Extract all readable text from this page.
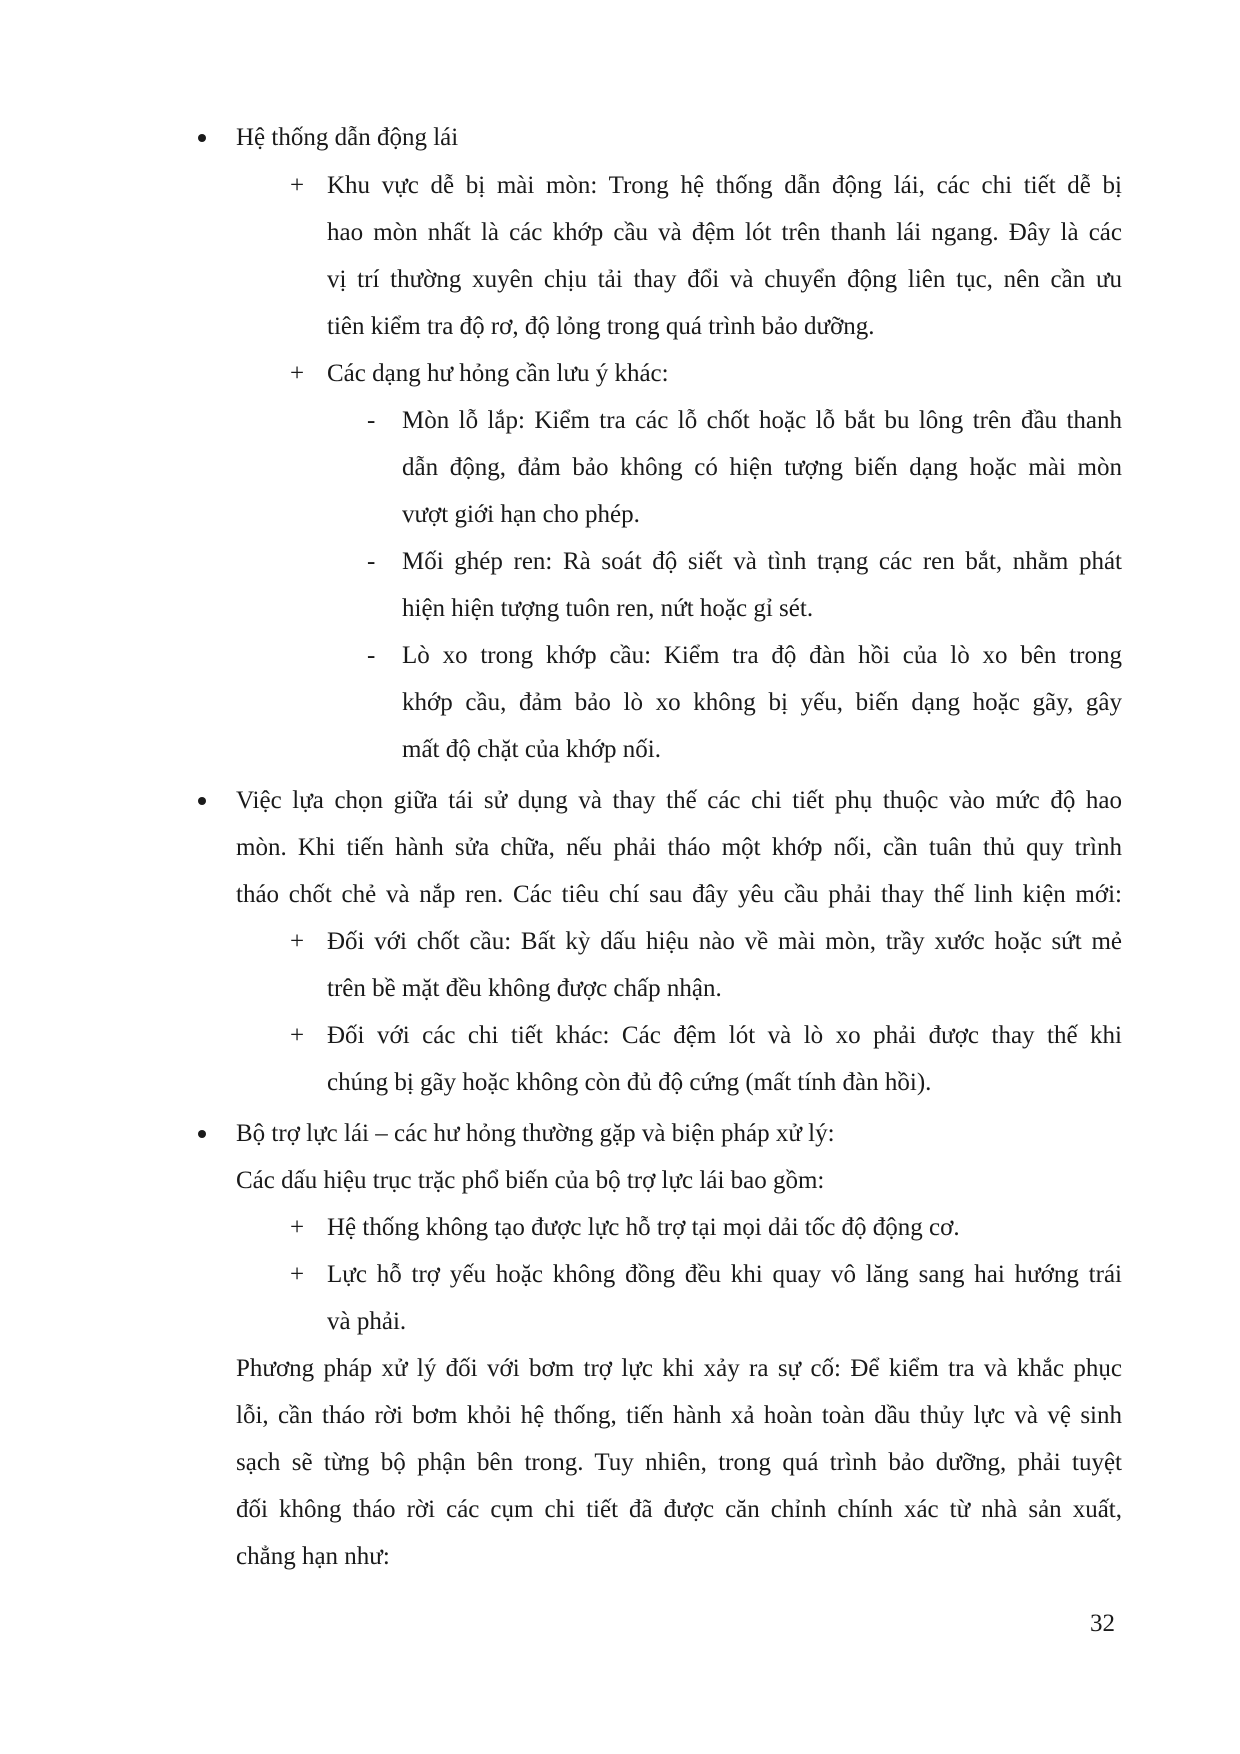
Hệ thống dẫn động lái
+ Khu vực dễ bị mài mòn: Trong hệ thống dẫn động lái, các chi tiết dễ bị
hao mòn nhất là các khớp cầu và đệm lót trên thanh lái ngang. Đây là các
vị trí thường xuyên chịu tải thay đổi và chuyển động liên tục, nên cần ưu
tiên kiểm tra độ rơ, độ lỏng trong quá trình bảo dưỡng.
+ Các dạng hư hỏng cần lưu ý khác:
- Mòn lỗ lắp: Kiểm tra các lỗ chốt hoặc lỗ bắt bu lông trên đầu thanh
dẫn động, đảm bảo không có hiện tượng biến dạng hoặc mài mòn
vượt giới hạn cho phép.
- Mối ghép ren: Rà soát độ siết và tình trạng các ren bắt, nhằm phát
hiện hiện tượng tuôn ren, nứt hoặc gỉ sét.
- Lò xo trong khớp cầu: Kiểm tra độ đàn hồi của lò xo bên trong
khớp cầu, đảm bảo lò xo không bị yếu, biến dạng hoặc gãy, gây
mất độ chặt của khớp nối.
Việc lựa chọn giữa tái sử dụng và thay thế các chi tiết phụ thuộc vào mức độ hao
mòn. Khi tiến hành sửa chữa, nếu phải tháo một khớp nối, cần tuân thủ quy trình
tháo chốt chẻ và nắp ren. Các tiêu chí sau đây yêu cầu phải thay thế linh kiện mới:
+ Đối với chốt cầu: Bất kỳ dấu hiệu nào về mài mòn, trầy xước hoặc sứt mẻ
trên bề mặt đều không được chấp nhận.
+ Đối với các chi tiết khác: Các đệm lót và lò xo phải được thay thế khi
chúng bị gãy hoặc không còn đủ độ cứng (mất tính đàn hồi).
Bộ trợ lực lái – các hư hỏng thường gặp và biện pháp xử lý:
Các dấu hiệu trục trặc phổ biến của bộ trợ lực lái bao gồm:
+ Hệ thống không tạo được lực hỗ trợ tại mọi dải tốc độ động cơ.
+ Lực hỗ trợ yếu hoặc không đồng đều khi quay vô lăng sang hai hướng trái
và phải.
Phương pháp xử lý đối với bơm trợ lực khi xảy ra sự cố: Để kiểm tra và khắc phục
lỗi, cần tháo rời bơm khỏi hệ thống, tiến hành xả hoàn toàn dầu thủy lực và vệ sinh
sạch sẽ từng bộ phận bên trong. Tuy nhiên, trong quá trình bảo dưỡng, phải tuyệt
đối không tháo rời các cụm chi tiết đã được căn chỉnh chính xác từ nhà sản xuất,
chẳng hạn như:
32
